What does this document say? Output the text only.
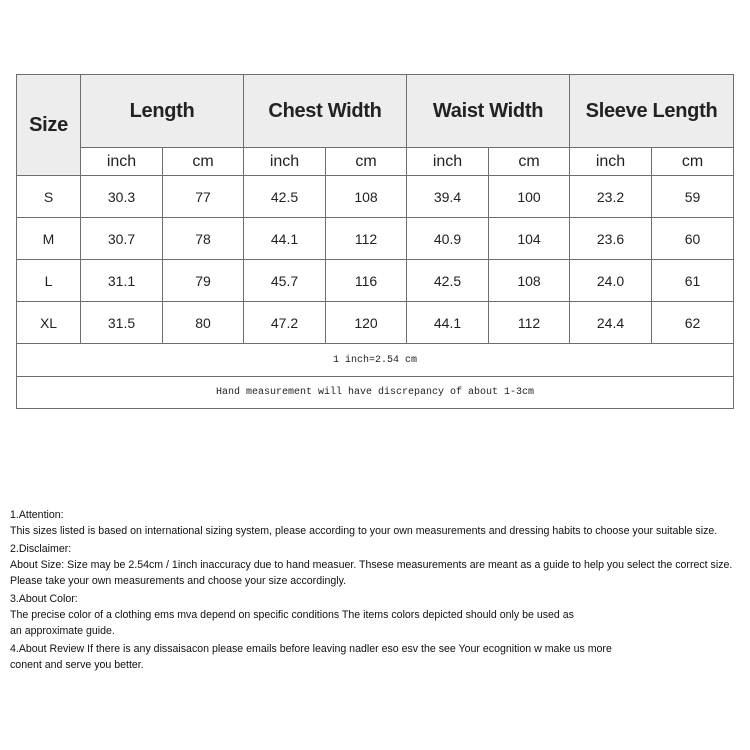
Size	Length		Chest Width		Waist Width		Sleeve Length	
	inch	cm	inch	cm	inch	cm	inch	cm
S	30.3	77	42.5	108	39.4	100	23.2	59
M	30.7	78	44.1	112	40.9	104	23.6	60
L	31.1	79	45.7	116	42.5	108	24.0	61
XL	31.5	80	47.2	120	44.1	112	24.4	62
1 inch=2.54 cm								
Hand measurement will have discrepancy of about 1-3cm								
1.Attention:
This sizes listed is based on international sizing system, please according to your own measurements and dressing habits to choose your suitable size.
2.Disclaimer:
About Size: Size may be 2.54cm / 1inch inaccuracy due to hand measuer. Thsese measurements are meant as a guide to help you select the correct size.
Please take your own measurements and choose your size accordingly.
3.About Color:
The precise color of a clothing ems mva depend on specific conditions The items colors depicted should only be used as
an approximate guide.
4.About Review If there is any dissaisacon please emails before leaving nadler eso esv the see Your ecognition w make us more
conent and serve you better.
